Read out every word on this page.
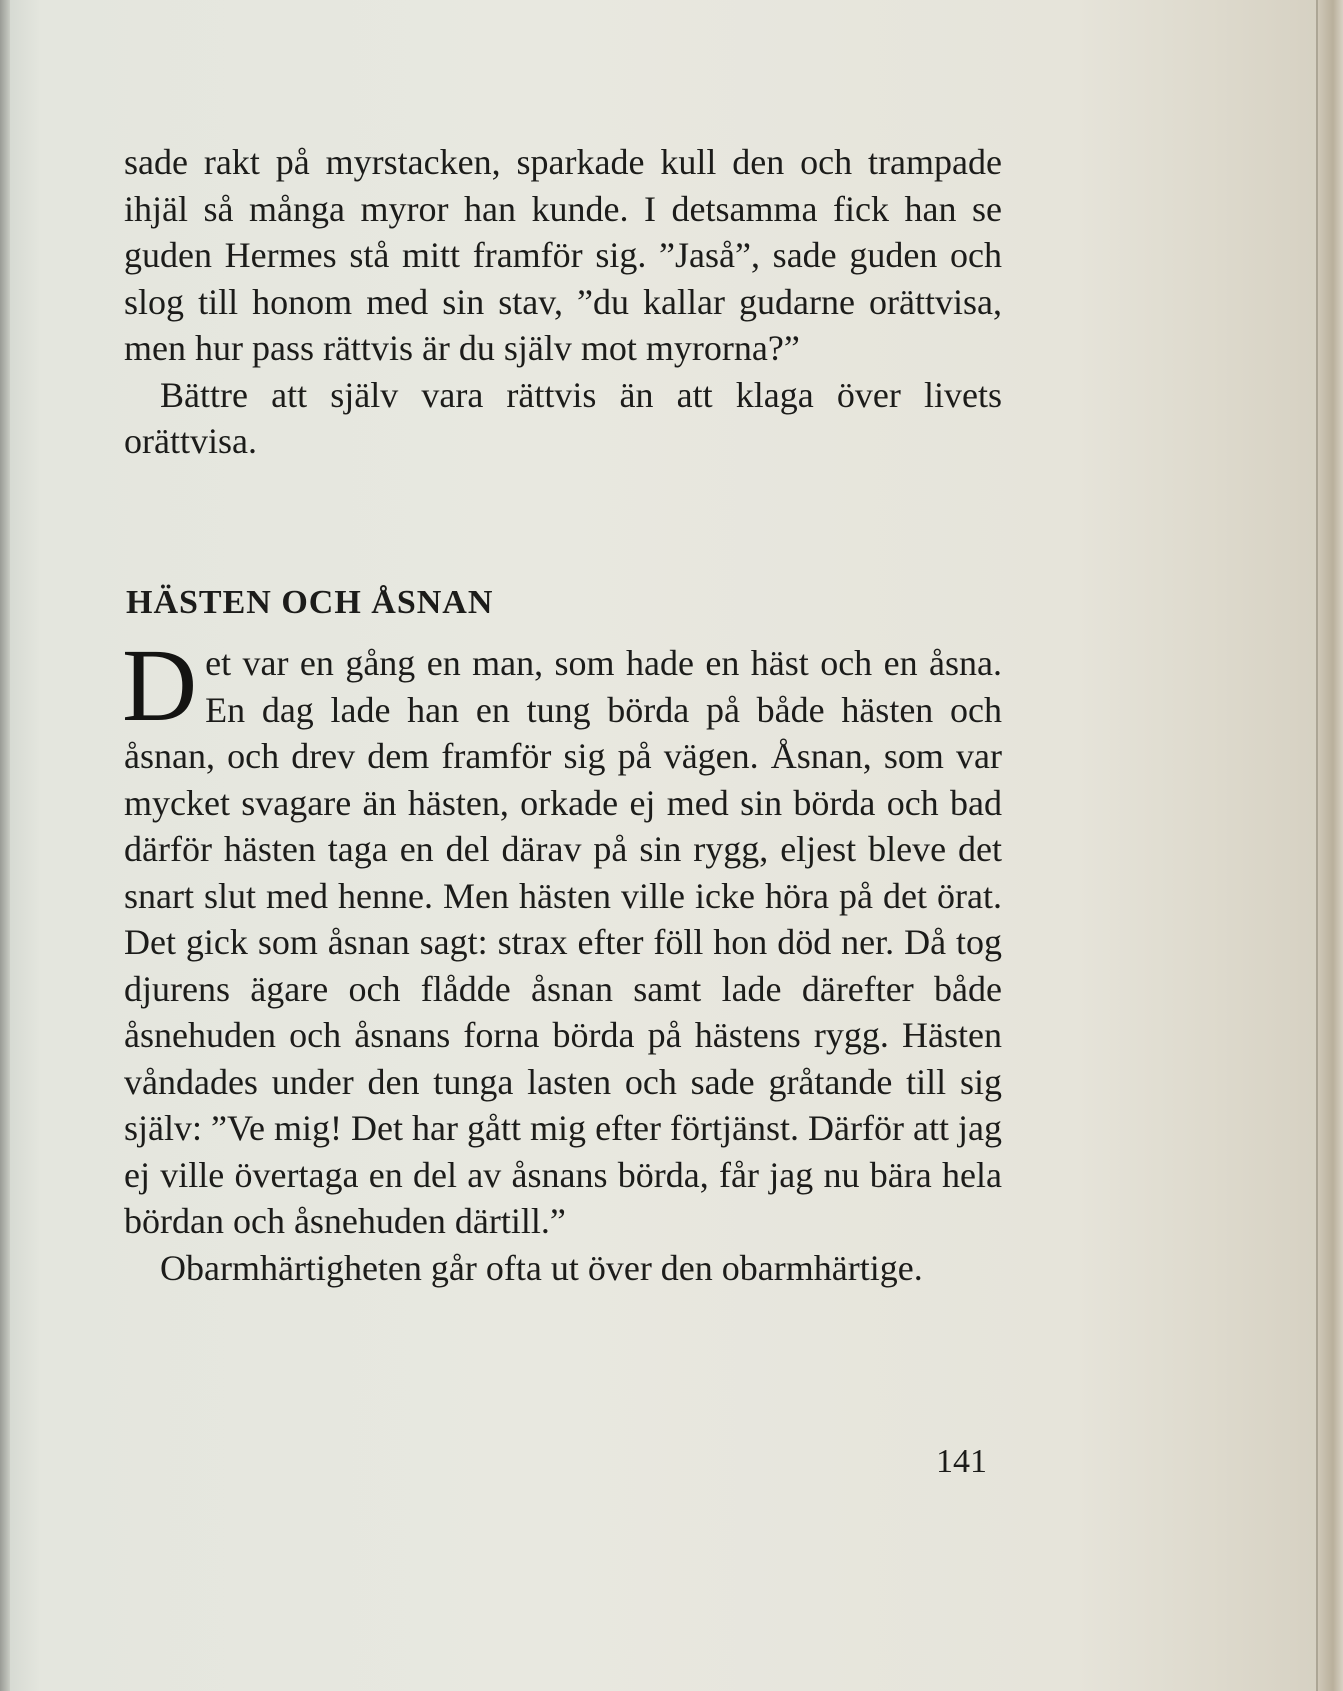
sade rakt på myrstacken, sparkade kull den och trampade ihjäl så många myror han kunde. I detsamma fick han se guden Hermes stå mitt framför sig. ”Jaså”, sade guden och slog till honom med sin stav, ”du kallar gudarne orättvisa, men hur pass rättvis är du själv mot myrorna?”

Bättre att själv vara rättvis än att klaga över livets orättvisa.

HÄSTEN OCH ÅSNAN

Det var en gång en man, som hade en häst och en åsna. En dag lade han en tung börda på både hästen och åsnan, och drev dem framför sig på vägen. Åsnan, som var mycket svagare än hästen, orkade ej med sin börda och bad därför hästen taga en del därav på sin rygg, eljest bleve det snart slut med henne. Men hästen ville icke höra på det örat. Det gick som åsnan sagt: strax efter föll hon död ner. Då tog djurens ägare och flådde åsnan samt lade därefter både åsnehuden och åsnans forna börda på hästens rygg. Hästen våndades under den tunga lasten och sade gråtande till sig själv: ”Ve mig! Det har gått mig efter förtjänst. Därför att jag ej ville övertaga en del av åsnans börda, får jag nu bära hela bördan och åsnehuden därtill.”

Obarmhärtigheten går ofta ut över den obarmhärtige.

141
